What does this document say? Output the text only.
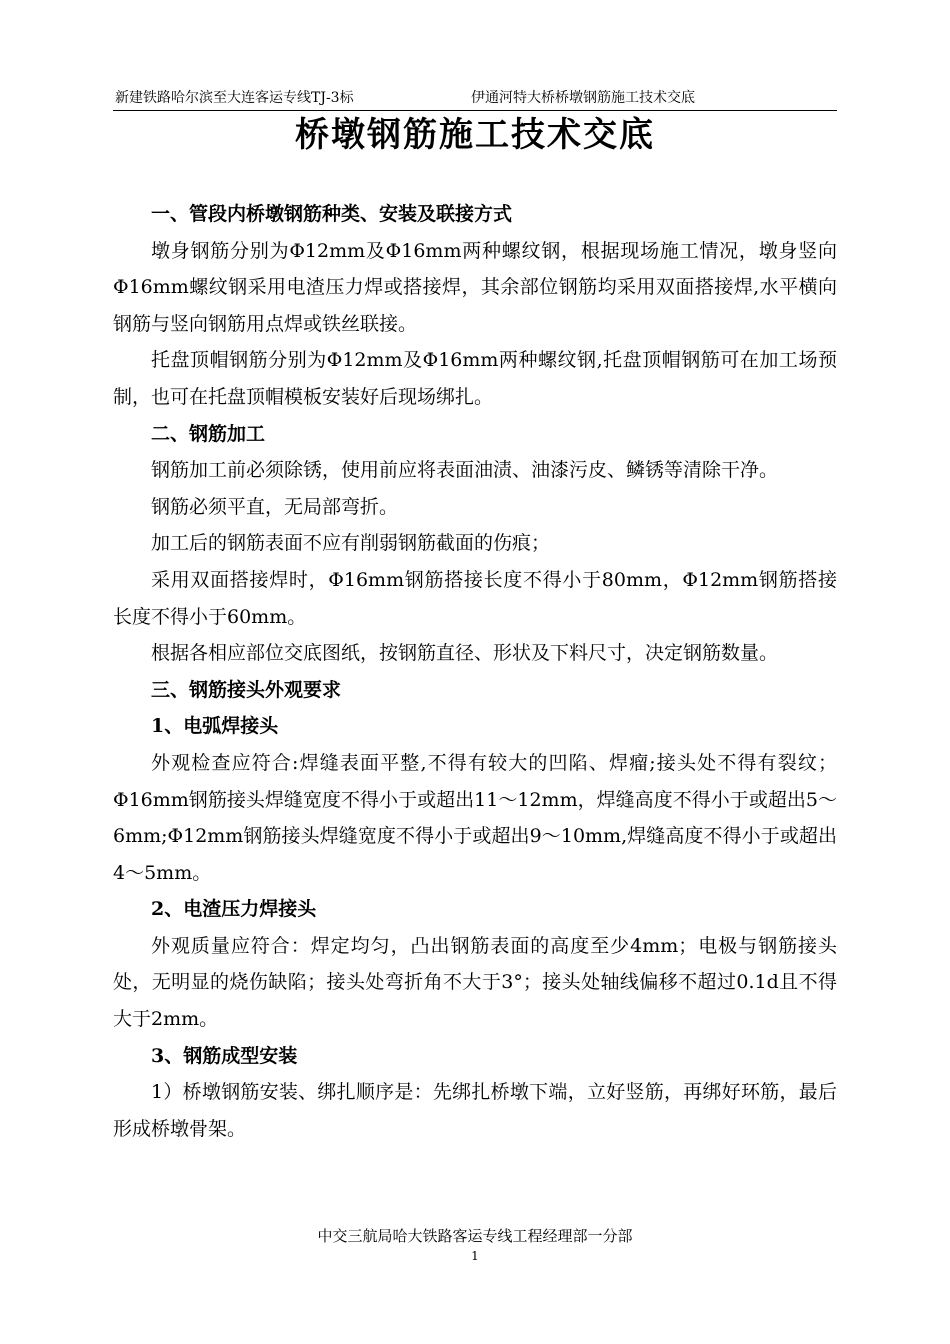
新建铁路哈尔滨至大连客运专线TJ-3标	伊通河特大桥桥墩钢筋施工技术交底
桥墩钢筋施工技术交底

一、管段内桥墩钢筋种类、安装及联接方式

墩身钢筋分别为Φ12mm及Φ16mm两种螺纹钢，根据现场施工情况，墩身竖向Φ16mm螺纹钢采用电渣压力焊或搭接焊，其余部位钢筋均采用双面搭接焊,水平横向钢筋与竖向钢筋用点焊或铁丝联接。

托盘顶帽钢筋分别为Φ12mm及Φ16mm两种螺纹钢,托盘顶帽钢筋可在加工场预制，也可在托盘顶帽模板安装好后现场绑扎。

二、钢筋加工

钢筋加工前必须除锈，使用前应将表面油渍、油漆污皮、鳞锈等清除干净。

钢筋必须平直，无局部弯折。

加工后的钢筋表面不应有削弱钢筋截面的伤痕；

采用双面搭接焊时，Φ16mm钢筋搭接长度不得小于80mm，Φ12mm钢筋搭接长度不得小于60mm。

根据各相应部位交底图纸，按钢筋直径、形状及下料尺寸，决定钢筋数量。

三、钢筋接头外观要求

1、电弧焊接头

外观检查应符合:焊缝表面平整,不得有较大的凹陷、焊瘤;接头处不得有裂纹；Φ16mm钢筋接头焊缝宽度不得小于或超出11～12mm，焊缝高度不得小于或超出5～6mm;Φ12mm钢筋接头焊缝宽度不得小于或超出9～10mm,焊缝高度不得小于或超出4～5mm。

2、电渣压力焊接头

外观质量应符合：焊定均匀，凸出钢筋表面的高度至少4mm；电极与钢筋接头处，无明显的烧伤缺陷；接头处弯折角不大于3°；接头处轴线偏移不超过0.1d且不得大于2mm。

3、钢筋成型安装

1）桥墩钢筋安装、绑扎顺序是：先绑扎桥墩下端，立好竖筋，再绑好环筋，最后形成桥墩骨架。

中交三航局哈大铁路客运专线工程经理部一分部
1
